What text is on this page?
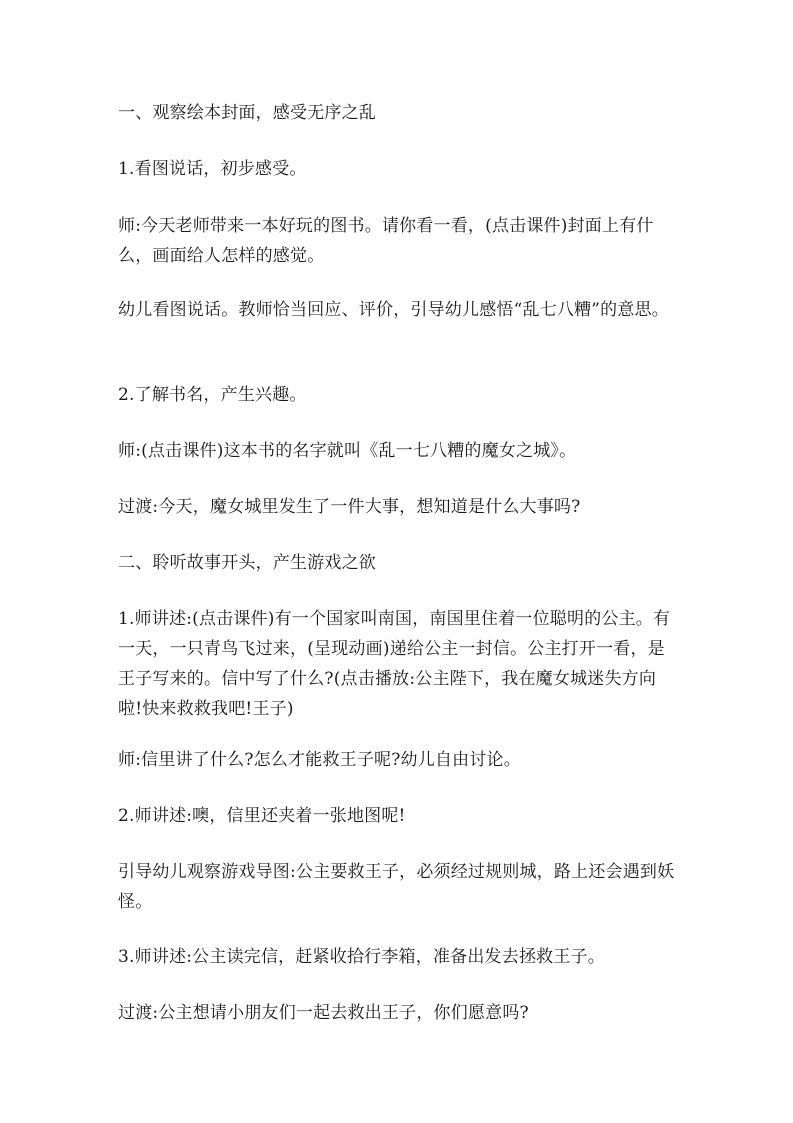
一、观察绘本封面，感受无序之乱

1.看图说话，初步感受。

师:今天老师带来一本好玩的图书。请你看一看，(点击课件)封面上有什么，画面给人怎样的感觉。

幼儿看图说话。教师恰当回应、评价，引导幼儿感悟“乱七八糟”的意思。

2.了解书名，产生兴趣。

师:(点击课件)这本书的名字就叫《乱一七八糟的魔女之城》。

过渡:今天，魔女城里发生了一件大事，想知道是什么大事吗?

二、聆听故事开头，产生游戏之欲

1.师讲述:(点击课件)有一个国家叫南国，南国里住着一位聪明的公主。有一天，一只青鸟飞过来，(呈现动画)递给公主一封信。公主打开一看，是王子写来的。信中写了什么?(点击播放:公主陛下，我在魔女城迷失方向啦!快来救救我吧!王子)

师:信里讲了什么?怎么才能救王子呢?幼儿自由讨论。

2.师讲述:噢，信里还夹着一张地图呢!

引导幼儿观察游戏导图:公主要救王子，必须经过规则城，路上还会遇到妖怪。

3.师讲述:公主读完信，赶紧收拾行李箱，准备出发去拯救王子。

过渡:公主想请小朋友们一起去救出王子，你们愿意吗?
